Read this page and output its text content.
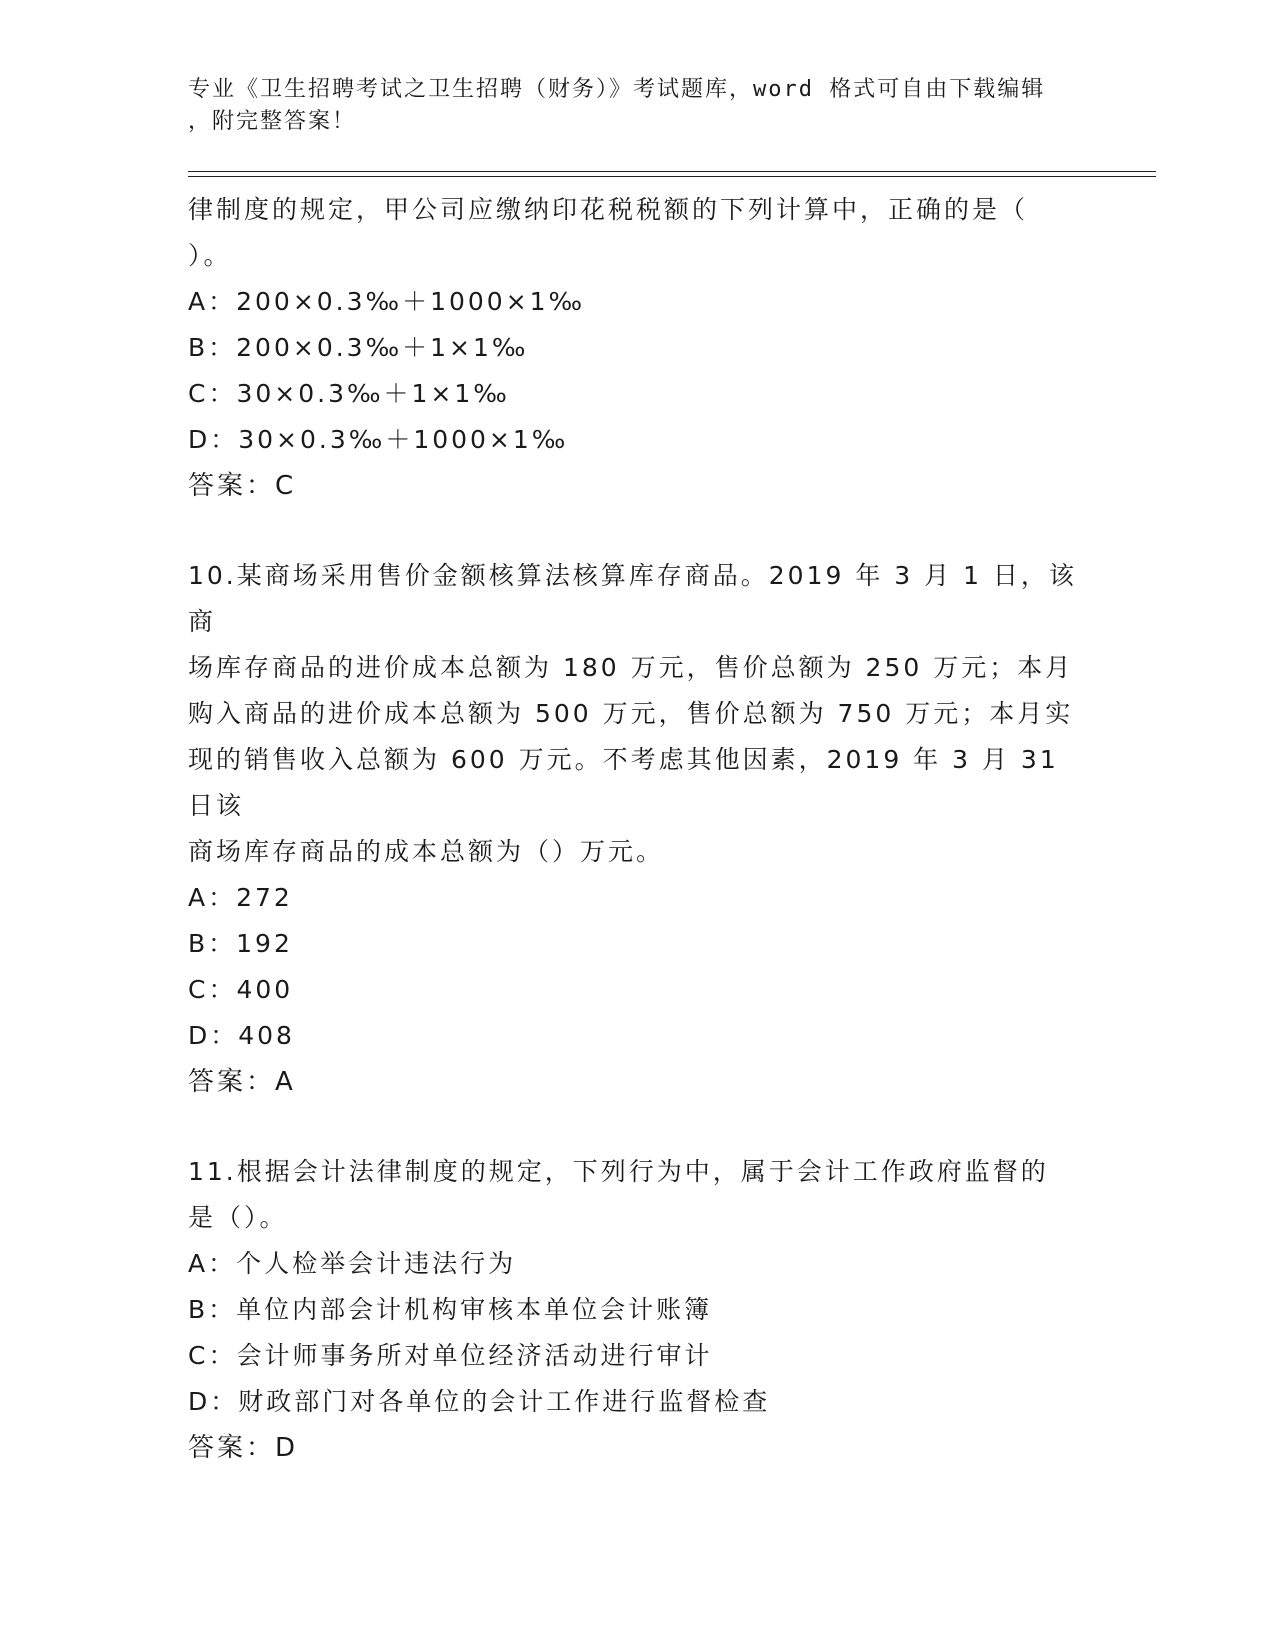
专业《卫生招聘考试之卫生招聘（财务）》考试题库，word 格式可自由下载编辑
，附完整答案！

律制度的规定，甲公司应缴纳印花税税额的下列计算中，正确的是（

）。

A：200×0.3‰＋1000×1‰

B：200×0.3‰＋1×1‰

C：30×0.3‰＋1×1‰

D：30×0.3‰＋1000×1‰

答案：C

10.某商场采用售价金额核算法核算库存商品。2019 年 3 月 1 日，该商

场库存商品的进价成本总额为 180 万元，售价总额为 250 万元；本月

购入商品的进价成本总额为 500 万元，售价总额为 750 万元；本月实

现的销售收入总额为 600 万元。不考虑其他因素，2019 年 3 月 31 日该

商场库存商品的成本总额为（）万元。

A：272

B：192

C：400

D：408

答案：A

11.根据会计法律制度的规定，下列行为中，属于会计工作政府监督的

是（）。

A：个人检举会计违法行为

B：单位内部会计机构审核本单位会计账簿

C：会计师事务所对单位经济活动进行审计

D：财政部门对各单位的会计工作进行监督检查

答案：D
